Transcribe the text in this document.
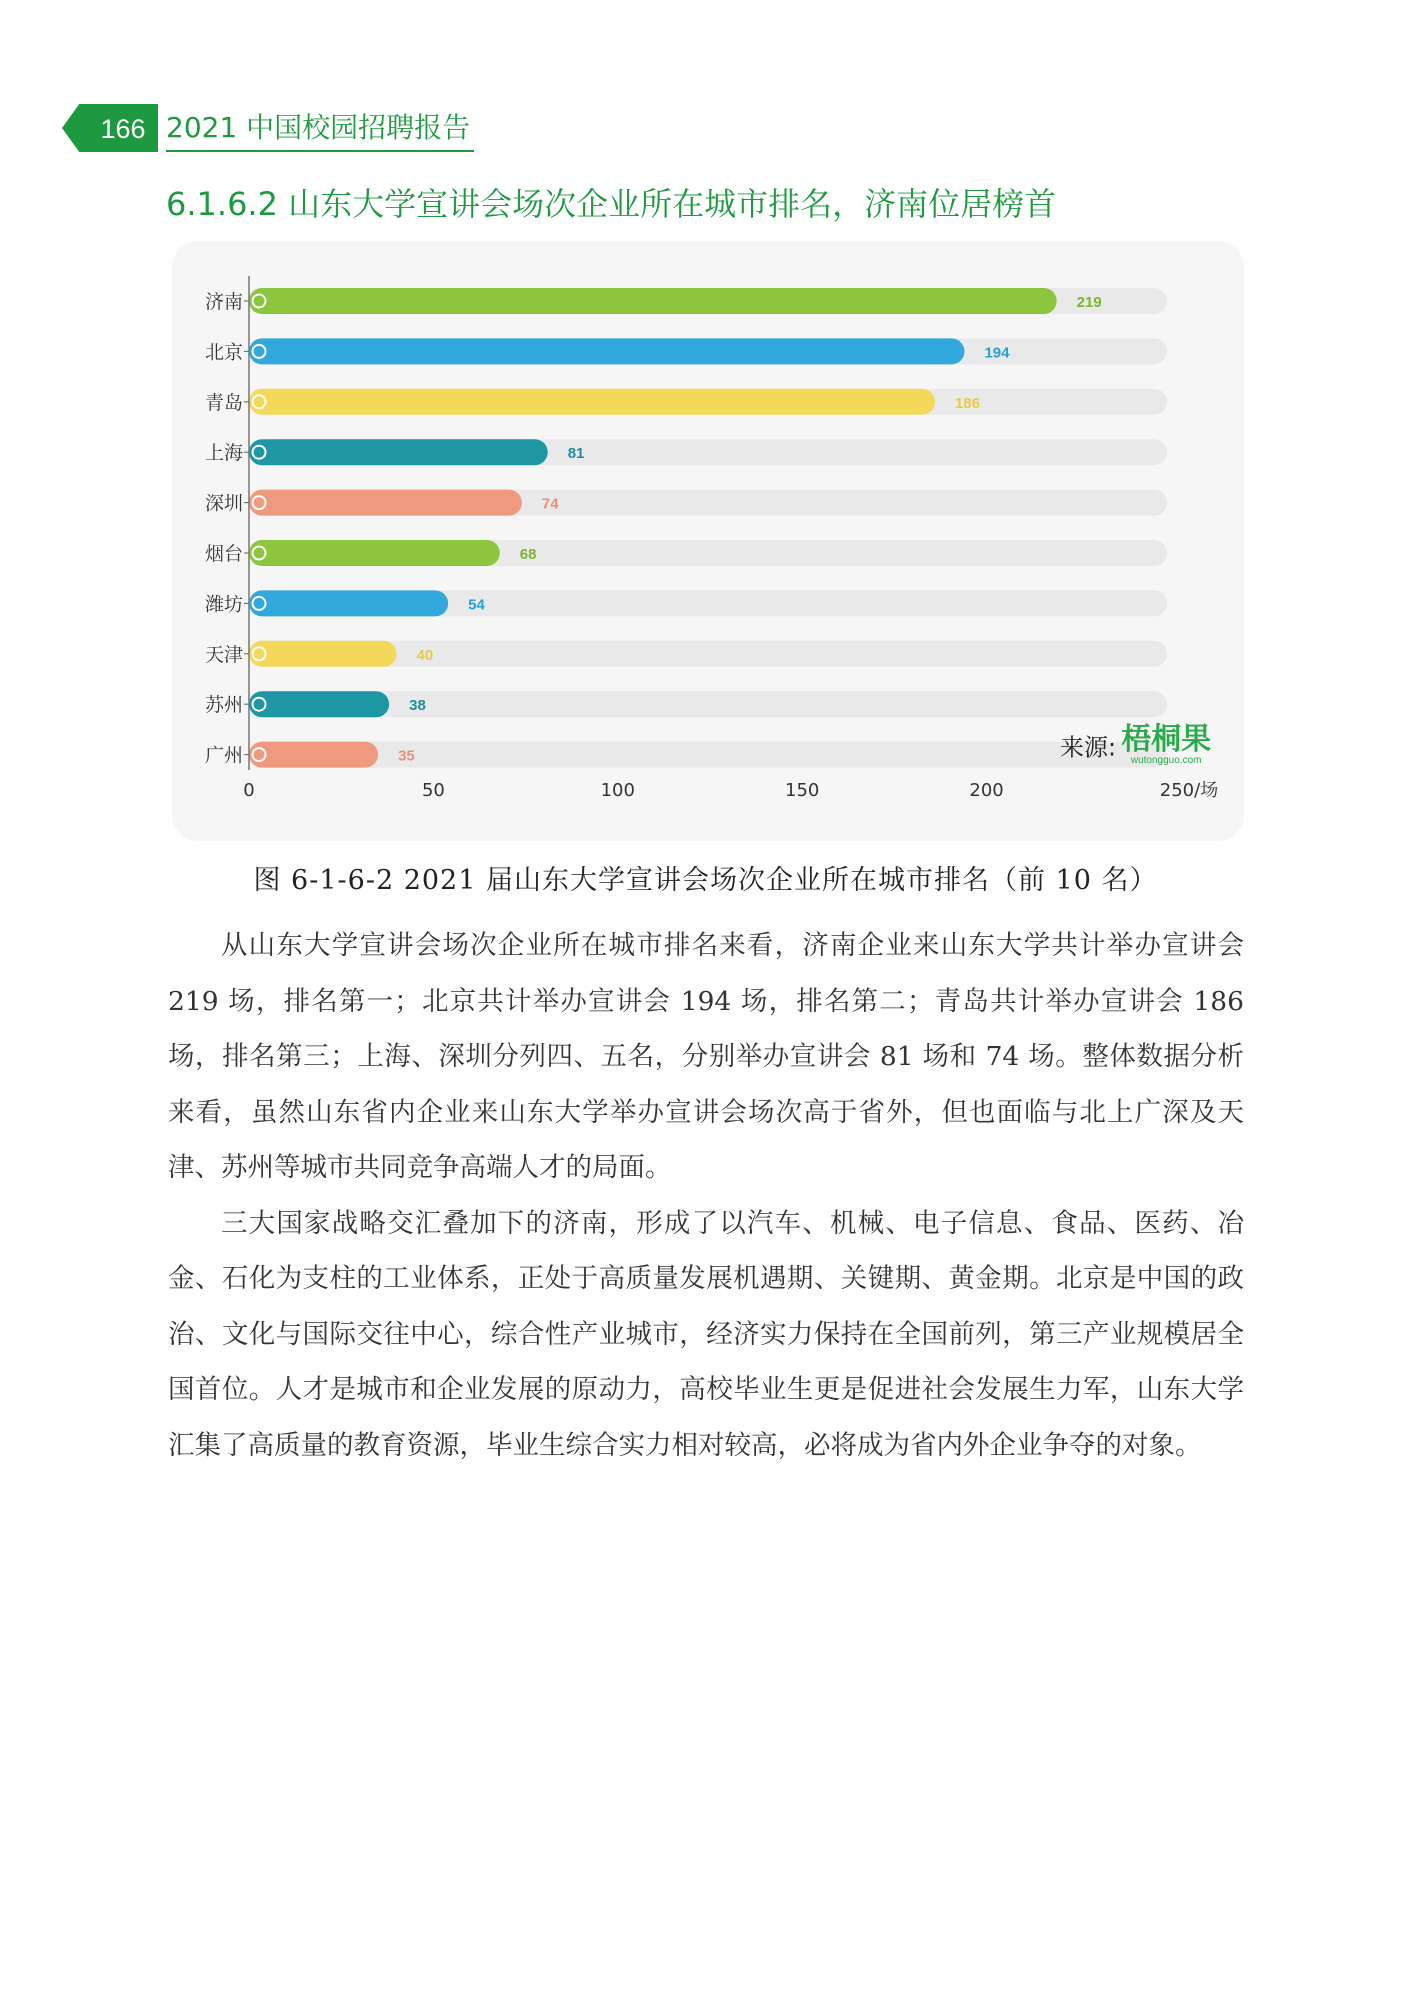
166 2021 中国校园招聘报告
6.1.6.2 山东大学宣讲会场次企业所在城市排名，济南位居榜首
济南	219
北京	194
青岛	186
上海	81
深圳	74
烟台	68
潍坊	54
天津	40
苏州	38
广州	35
0	50	100	150	200	250/场
来源: 梧桐果
wutongguo.com
图 6-1-6-2 2021 届山东大学宣讲会场次企业所在城市排名（前 10 名）

从山东大学宣讲会场次企业所在城市排名来看，济南企业来山东大学共计举办宣讲会 219 场，排名第一；北京共计举办宣讲会 194 场，排名第二；青岛共计举办宣讲会 186 场，排名第三；上海、深圳分列四、五名，分别举办宣讲会 81 场和 74 场。整体数据分析来看，虽然山东省内企业来山东大学举办宣讲会场次高于省外，但也面临与北上广深及天津、苏州等城市共同竞争高端人才的局面。

三大国家战略交汇叠加下的济南，形成了以汽车、机械、电子信息、食品、医药、冶金、石化为支柱的工业体系，正处于高质量发展机遇期、关键期、黄金期。北京是中国的政治、文化与国际交往中心，综合性产业城市，经济实力保持在全国前列，第三产业规模居全国首位。人才是城市和企业发展的原动力，高校毕业生更是促进社会发展生力军，山东大学汇集了高质量的教育资源，毕业生综合实力相对较高，必将成为省内外企业争夺的对象。
